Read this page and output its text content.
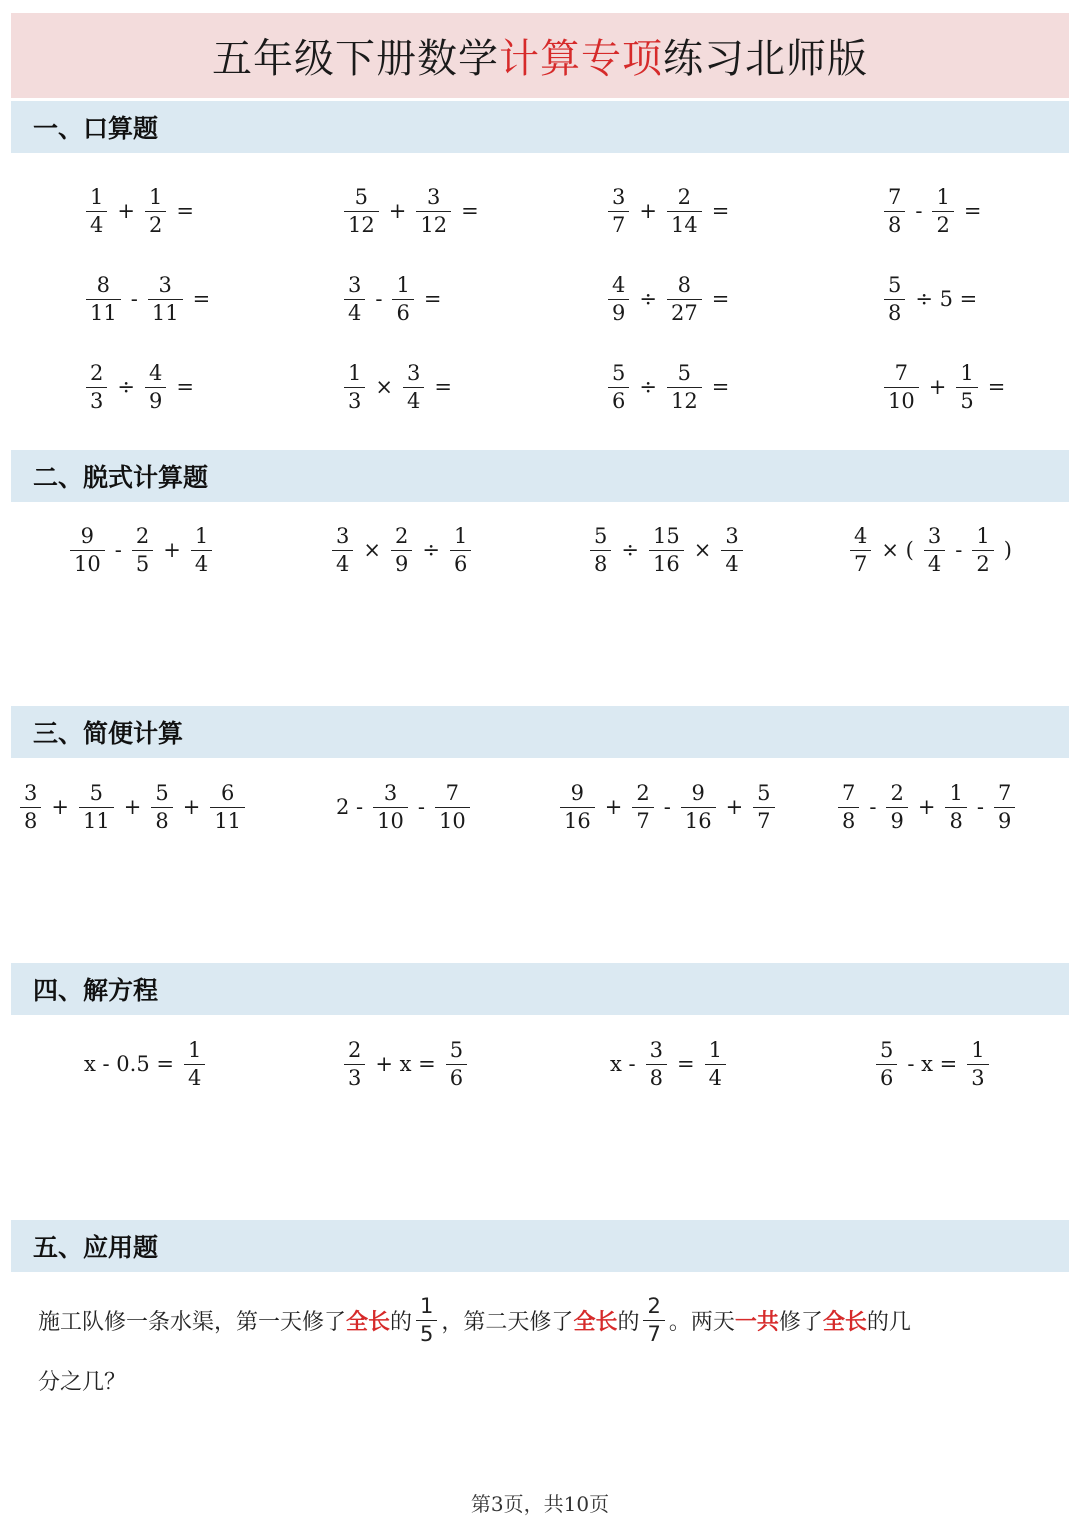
五年级下册数学 计算专项 练习北师版
一、口算题
$\frac{1}{4} + \frac{1}{2}$ =	$\frac{5}{12} + \frac{3}{12}$ =	$\frac{3}{7} + \frac{2}{14}$ =	$\frac{7}{8} - \frac{1}{2}$ =
$\frac{8}{11} - \frac{3}{11}$ =	$\frac{3}{4} - \frac{1}{6}$ =	$\frac{4}{9} \div \frac{8}{27}$ =	$\frac{5}{8} \div 5$ =
$\frac{2}{3} \div \frac{4}{9}$ =	$\frac{1}{3} \times \frac{3}{4}$ =	$\frac{5}{6} \div \frac{5}{12}$ =	$\frac{7}{10} + \frac{1}{5}$ =
二、脱式计算题
$\frac{9}{10} - \frac{2}{5} + \frac{1}{4}$	$\frac{3}{4} \times \frac{2}{9} \div \frac{1}{6}$	$\frac{5}{8} \div \frac{15}{16} \times \frac{3}{4}$	$\frac{4}{7}$ × ( $\frac{3}{4} - \frac{1}{2}$ )
三、简便计算
$\frac{3}{8} + \frac{5}{11} + \frac{5}{8} + \frac{6}{11}$	$2 - \frac{3}{10} - \frac{7}{10}$	$\frac{9}{16} + \frac{2}{7} - \frac{9}{16} + \frac{5}{7}$	$\frac{7}{8} - \frac{2}{9} + \frac{1}{8} - \frac{7}{9}$
四、解方程
$x - 0.5 = \frac{1}{4}$	$\frac{2}{3} + x = \frac{5}{6}$	$x - \frac{3}{8} = \frac{1}{4}$	$\frac{5}{6} - x = \frac{1}{3}$
五、应用题
施工队修一条水渠，第一天修了 全长 的 $\frac{1}{5}$ ，第二天修了 全长 的 $\frac{2}{7}$ 。两天 一共 修了 全长 的几
分之几？
第3页，共10页
